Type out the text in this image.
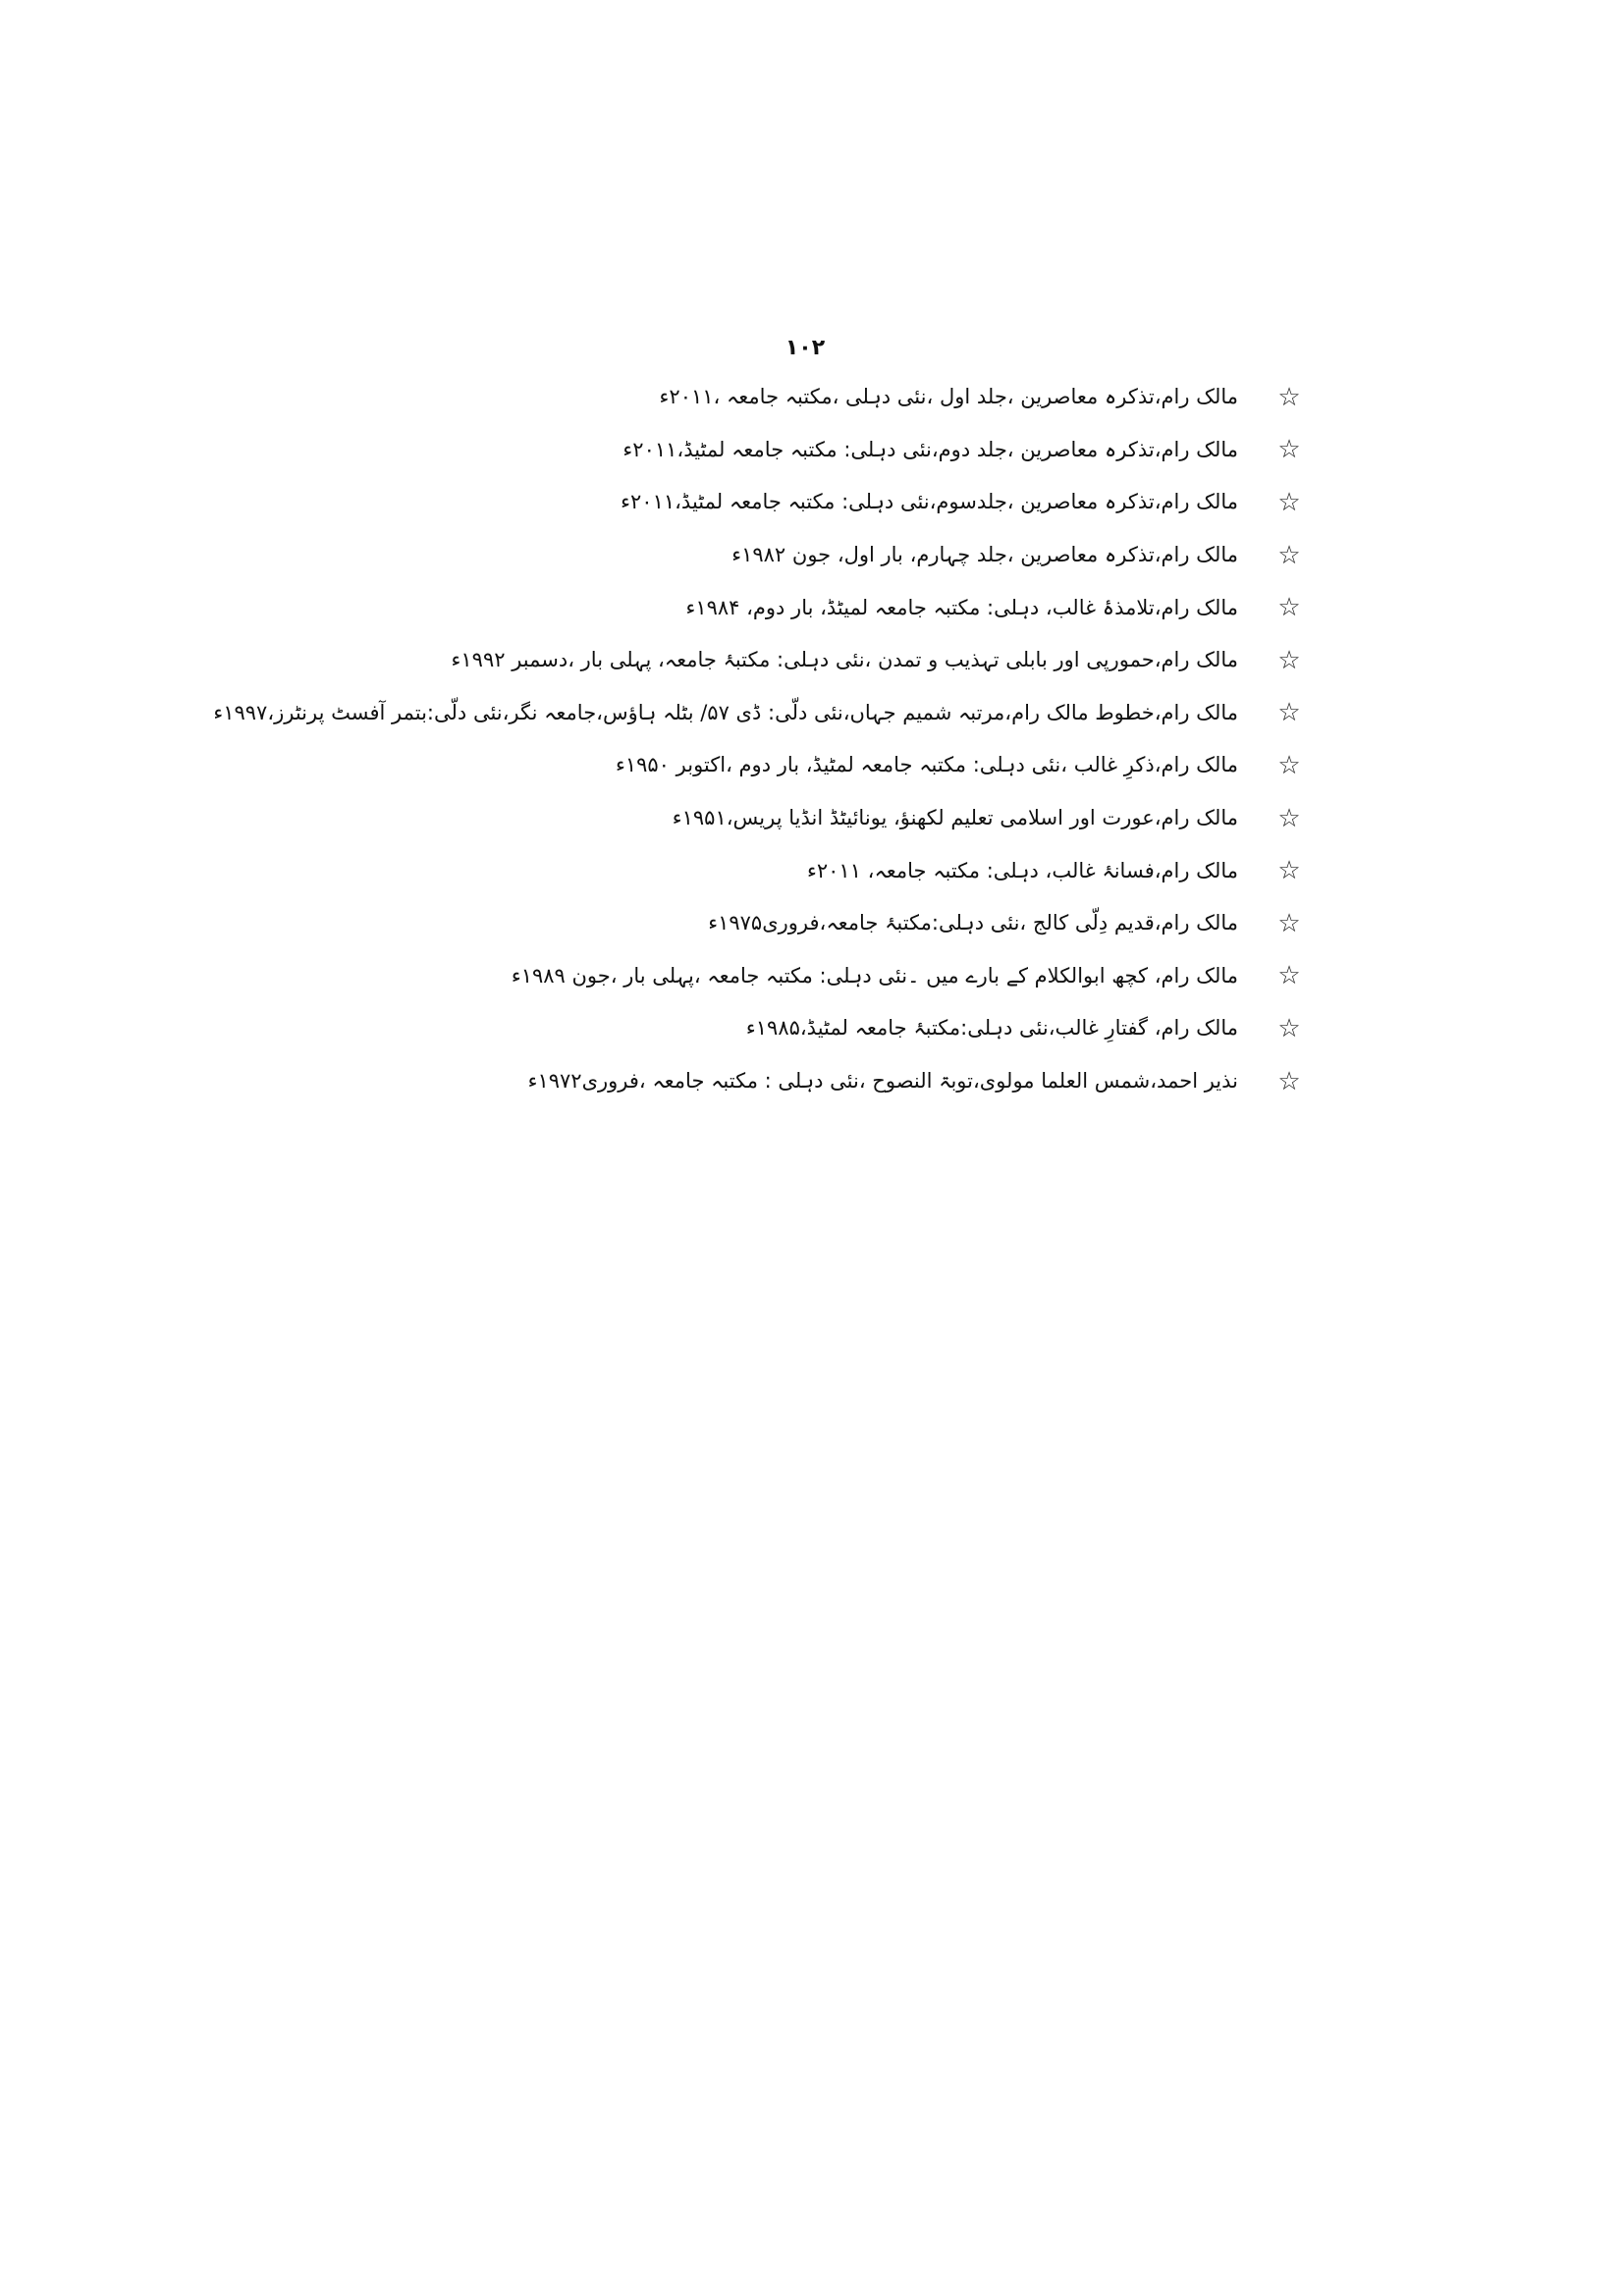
۱۰۲
☆
مالک رام،تذکرہ معاصرین ،جلد اول ،نئی دہلی ،مکتبہ جامعہ ،۲۰۱۱ء
☆
مالک رام،تذکرہ معاصرین ،جلد دوم،نئی دہلی: مکتبہ جامعہ لمٹیڈ،۲۰۱۱ء
☆
مالک رام،تذکرہ معاصرین ،جلدسوم،نئی دہلی: مکتبہ جامعہ لمٹیڈ،۲۰۱۱ء
☆
مالک رام،تذکرہ معاصرین ،جلد چہارم، بار اول، جون ۱۹۸۲ء
☆
مالک رام،تلامذۂ غالب، دہلی: مکتبہ جامعہ لمیٹڈ، بار دوم، ۱۹۸۴ء
☆
مالک رام،حمورپی اور بابلی تہذیب و تمدن ،نئی دہلی: مکتبۂ جامعہ، پہلی بار ،دسمبر ۱۹۹۲ء
☆
مالک رام،خطوط مالک رام،مرتبہ شمیم جہاں،نئی دلّی: ڈی ۵۷/ بٹلہ ہاؤس،جامعہ نگر،نئی دلّی:بتمر آفسٹ پرنٹرز،۱۹۹۷ء
☆
مالک رام،ذکرِ غالب ،نئی دہلی: مکتبہ جامعہ لمٹیڈ، بار دوم ،اکتوبر ۱۹۵۰ء
☆
مالک رام،عورت اور اسلامی تعلیم لکھنؤ، یونائیٹڈ انڈیا پریس،۱۹۵۱ء
☆
مالک رام،فسانۂ غالب، دہلی: مکتبہ جامعہ، ۲۰۱۱ء
☆
مالک رام،قدیم دِلّی کالج ،نئی دہلی:مکتبۂ جامعہ،فروری۱۹۷۵ء
☆
مالک رام، کچھ ابوالکلام کے بارے میں ۔نئی دہلی: مکتبہ جامعہ ،پہلی بار ،جون ۱۹۸۹ء
☆
مالک رام، گفتارِ غالب،نئی دہلی:مکتبۂ جامعہ لمٹیڈ،۱۹۸۵ء
☆
نذیر احمد،شمس العلما مولوی،توبۃ النصوح ،نئی دہلی : مکتبہ جامعہ ،فروری۱۹۷۲ء
